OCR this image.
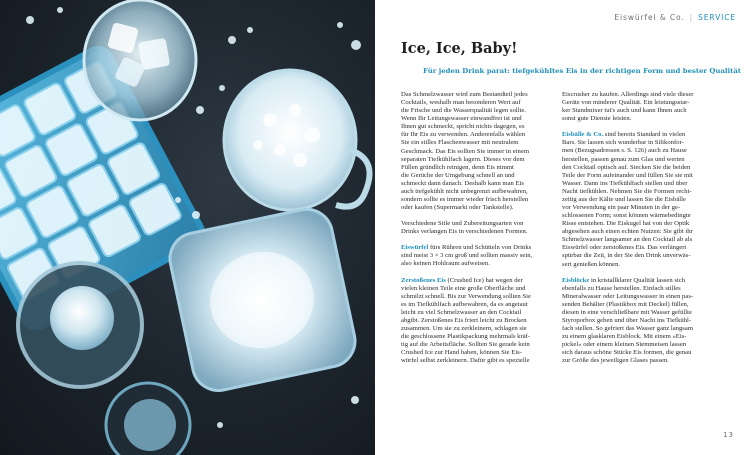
Eiswürfel & Co. | SERVICE
Ice, Ice, Baby!
Für jeden Drink parat: tiefgekühltes Eis in der richtigen Form und bester Qualität

Das Schmelzwasser wird zum Bestandteil jedes
Cocktails, weshalb man besonderen Wert auf
die Frische und die Wasserqualität legen sollte.
Wenn Ihr Leitungswasser einwandfrei ist und
Ihnen gut schmeckt, spricht nichts dagegen, es
für Ihr Eis zu verwenden. Anderenfalls wählen
Sie ein stilles Flaschenwasser mit neutralem
Geschmack. Das Eis sollten Sie immer in einem
separaten Tiefkühlfach lagern. Dieses vor dem
Füllen gründlich reinigen, denn Eis nimmt
die Gerüche der Umgebung schnell an und
schmeckt dann danach. Deshalb kann man Eis
auch tiefgekühlt nicht unbegrenzt aufbewahren,
sondern sollte es immer wieder frisch herstellen
oder kaufen (Supermarkt oder Tankstelle).

Verschiedene Stile und Zubereitungsarten von
Drinks verlangen Eis in verschiedenen Formen.

Eiswürfel fürs Rühren und Schütteln von Drinks
sind meist 3 × 3 cm groß und sollten massiv sein,
also keinen Hohlraum aufweisen.

Zerstoßenes Eis (Crushed Ice) hat wegen der
vielen kleinen Teile eine große Oberfläche und
schmilzt schnell. Bis zur Verwendung sollten Sie
es im Tiefkühlfach aufbewahren, da es angetaut
leicht zu viel Schmelzwasser an den Cocktail
abgibt. Zerstoßenes Eis friert leicht zu Brocken
zusammen. Um sie zu zerkleinern, schlagen sie
die geschlossene Plastikpackung mehrmals kräf-
tig auf die Arbeitsfläche. Sollten Sie gerade kein
Crushed Ice zur Hand haben, können Sie Eis-
würfel selbst zerkleinern. Dafür gibt es spezielle

Eiscrusher zu kaufen. Allerdings sind viele dieser
Geräte von minderer Qualität. Ein leistungsstar-
ker Standmixer tut's auch und kann Ihnen auch
sonst gute Dienste leisten.

Eisbälle & Co. sind bereits Standard in vielen
Bars. Sie lassen sich wunderbar in Silikonfor-
men (Bezugsadressen s. S. 126) auch zu Hause
herstellen, passen genau zum Glas und werten
den Cocktail optisch auf. Stecken Sie die beiden
Teile der Form aufeinander und füllen Sie sie mit
Wasser. Dann ins Tiefkühlfach stellen und über
Nacht tiefkühlen. Nehmen Sie die Formen recht-
zeitig aus der Kälte und lassen Sie die Eisbälle
vor Verwendung ein paar Minuten in der ge-
schlossenen Form; sonst können wärmebedingte
Risse entstehen. Die Eiskugel hat von der Optik
abgesehen auch einen echten Nutzen: Sie gibt ihr
Schmelzwasser langsamer an den Cocktail ab als
Eiswürfel oder zerstoßenes Eis. Das verlängert
spürbar die Zeit, in der Sie den Drink unverwäs-
sert genießen können.

Eisblöcke in kristallklarer Qualität lassen sich
ebenfalls zu Hause herstellen. Einfach stilles
Mineralwasser oder Leitungswasser in einen pas-
senden Behälter (Plastikbox mit Deckel) füllen,
diesen in eine verschließbare mit Wasser gefüllte
Styroporbox geben und über Nacht ins Tiefkühl-
fach stellen. So gefriert das Wasser ganz langsam
zu einem glasklaren Eisblock. Mit einem »Eis-
pickel« oder einem kleinen Stemmeisen lassen
sich daraus schöne Stücke Eis formen, die genau
zur Größe des jeweiligen Glases passen.

13
